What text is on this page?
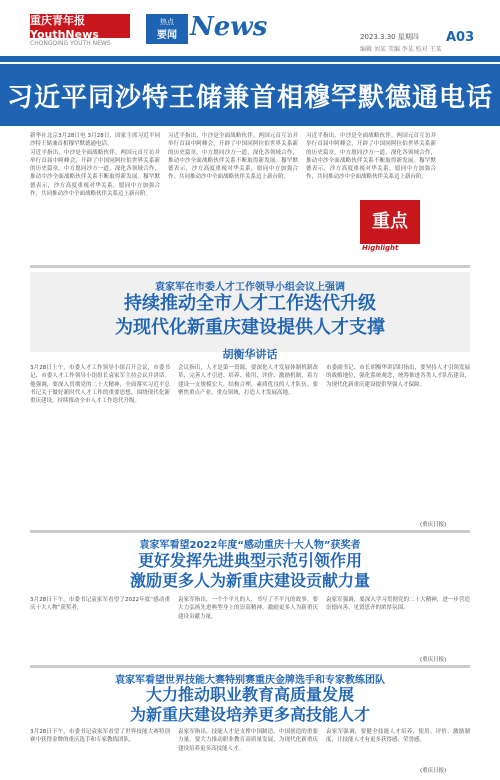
重庆青年报 YouthNews
CHONGQING YOUTH NEWS
热点
要闻 News	2023.3.30 星期四
编辑 刘某 美编 李某 校对 王某
A03
习近平同沙特王储兼首相穆罕默德通电话
新华社北京3月28日电 3月28日，国家主席习近平同沙特王储兼首相穆罕默德通电话。
习近平指出，中沙是全面战略伙伴。两国元首互访并举行首届中阿峰会，开辟了中国同阿拉伯世界关系新的历史篇章。中方愿同沙方一道，深化各领域合作，推动中沙全面战略伙伴关系不断取得新发展。穆罕默德表示，沙方高度重视对华关系，愿同中方加强合作，共同推动沙中全面战略伙伴关系迈上新台阶。
习近平指出，中沙是全面战略伙伴。两国元首互访并举行首届中阿峰会，开辟了中国同阿拉伯世界关系新的历史篇章。中方愿同沙方一道，深化各领域合作，推动中沙全面战略伙伴关系不断取得新发展。穆罕默德表示，沙方高度重视对华关系，愿同中方加强合作，共同推动沙中全面战略伙伴关系迈上新台阶。
习近平指出，中沙是全面战略伙伴。两国元首互访并举行首届中阿峰会，开辟了中国同阿拉伯世界关系新的历史篇章。中方愿同沙方一道，深化各领域合作，推动中沙全面战略伙伴关系不断取得新发展。穆罕默德表示，沙方高度重视对华关系，愿同中方加强合作，共同推动沙中全面战略伙伴关系迈上新台阶。
重点
Highlight
袁家军在市委人才工作领导小组会议上强调
持续推动全市人才工作迭代升级
为现代化新重庆建设提供人才支撑
胡衡华讲话
3月28日上午，市委人才工作领导小组召开会议，市委书记、市委人才工作领导小组组长袁家军主持会议并讲话。他强调，要深入贯彻党的二十大精神，全面落实习近平总书记关于做好新时代人才工作的重要思想，围绕现代化新重庆建设，持续推动全市人才工作迭代升级。
会议指出，人才是第一资源。要深化人才发展体制机制改革，完善人才引进、培养、使用、评价、激励机制，着力建设一支规模宏大、结构合理、素质优良的人才队伍。要聚焦重点产业、重点领域，打造人才发展高地。
市委副书记、市长胡衡华讲话时指出，要坚持人才引领发展的战略地位，强化系统观念，统筹推进各类人才队伍建设，为现代化新重庆建设提供坚强人才保障。
(重庆日报)
袁家军看望2022年度“感动重庆十大人物”获奖者
更好发挥先进典型示范引领作用
激励更多人为新重庆建设贡献力量
3月28日下午，市委书记袁家军看望了2022年度“感动重庆十大人物”获奖者。
袁家军指出，一个个平凡的人，书写了不平凡的故事。要大力弘扬先进典型身上的崇高精神，激励更多人为新重庆建设贡献力量。
袁家军强调，要深入学习贯彻党的二十大精神，进一步营造崇德向善、见贤思齐的浓厚氛围。
(重庆日报)
袁家军看望世界技能大赛特别赛重庆金牌选手和专家教练团队
大力推动职业教育高质量发展
为新重庆建设培养更多高技能人才
3月28日下午，市委书记袁家军看望了世界技能大赛特别赛中获得金牌的重庆选手和专家教练团队。
袁家军指出，技能人才是支撑中国制造、中国创造的重要力量。要大力推动职业教育高质量发展，为现代化新重庆建设培养更多高技能人才。
袁家军强调，要健全技能人才培养、使用、评价、激励制度，让技能人才有更多获得感、荣誉感。
(重庆日报)
